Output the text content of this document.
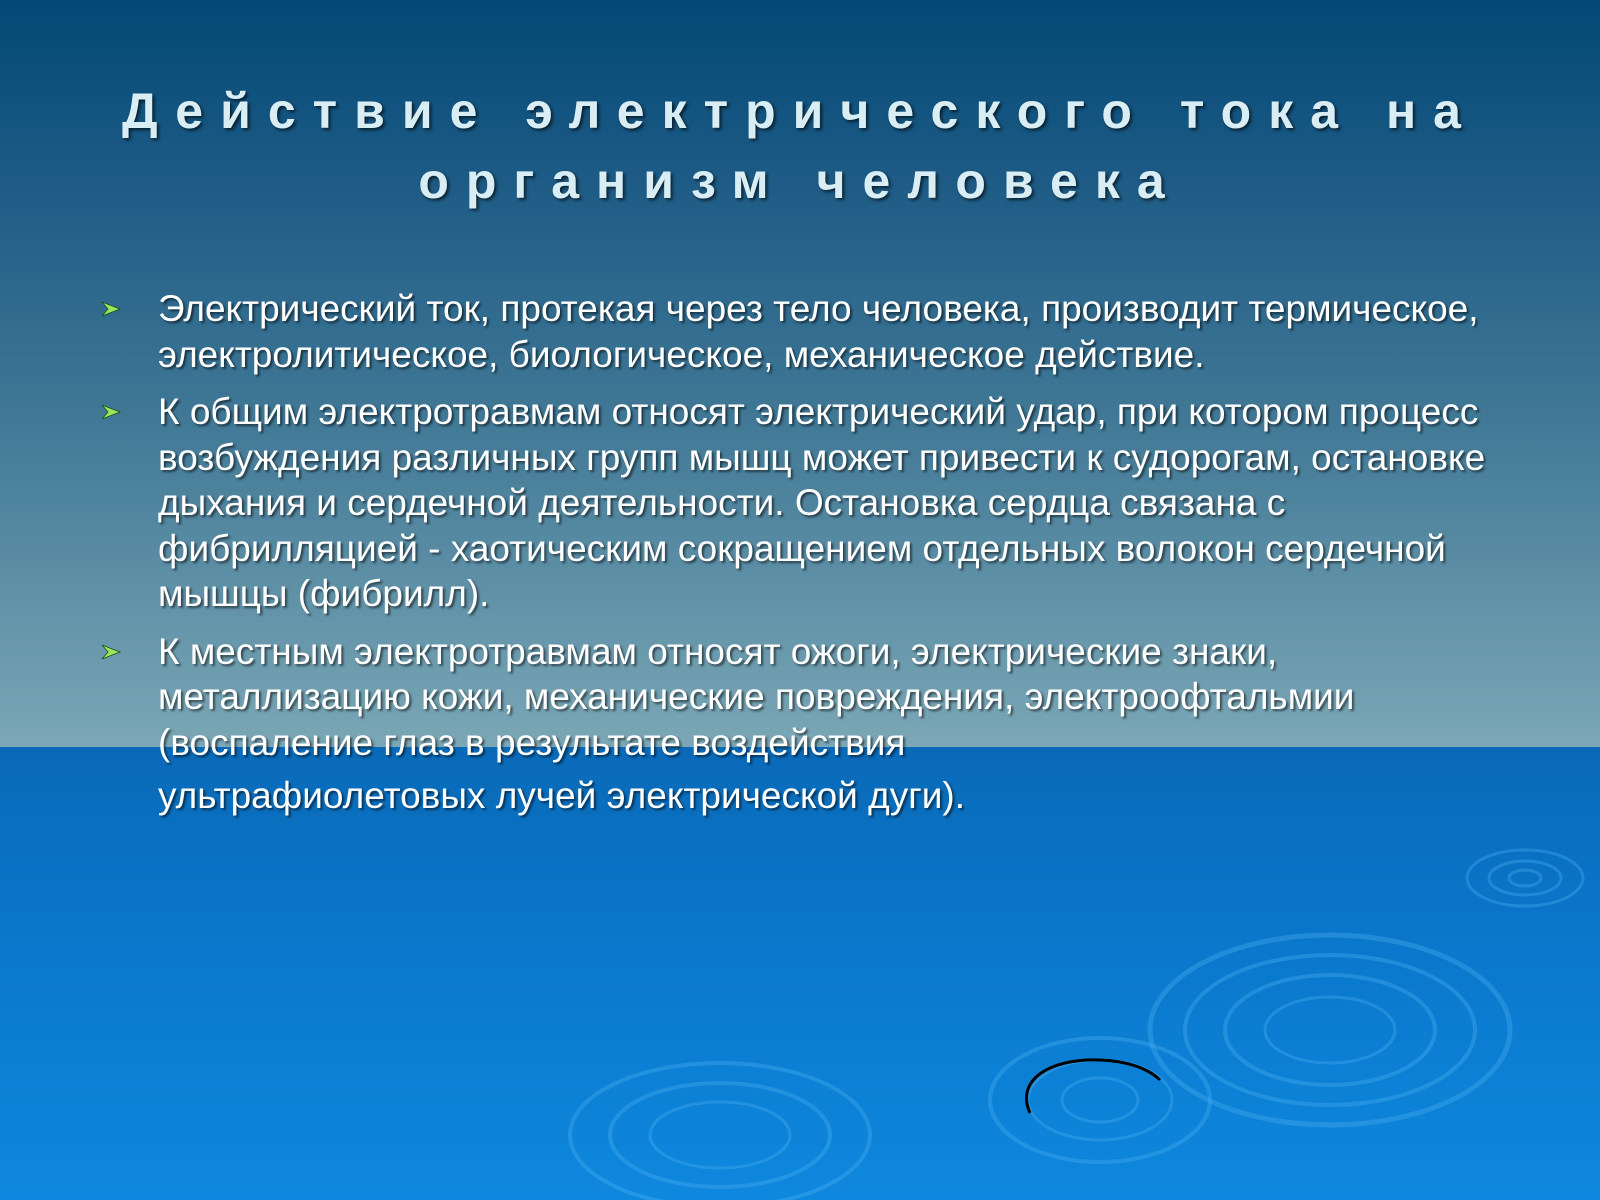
Действие электрического тока на организм человека
Электрический ток, протекая через тело человека, производит термическое, электролитическое, биологическое, механическое действие.
К общим электротравмам относят электрический удар, при котором процесс возбуждения различных групп мышц может привести к судорогам, остановке дыхания и сердечной деятельности. Остановка сердца связана с фибрилляцией - хаотическим сокращением отдельных волокон сердечной мышцы (фибрилл).
К местным электротравмам относят ожоги, электрические знаки, металлизацию кожи, механические повреждения, электроофтальмии (воспаление глаз в результате воздействия
ультрафиолетовых лучей электрической дуги).
